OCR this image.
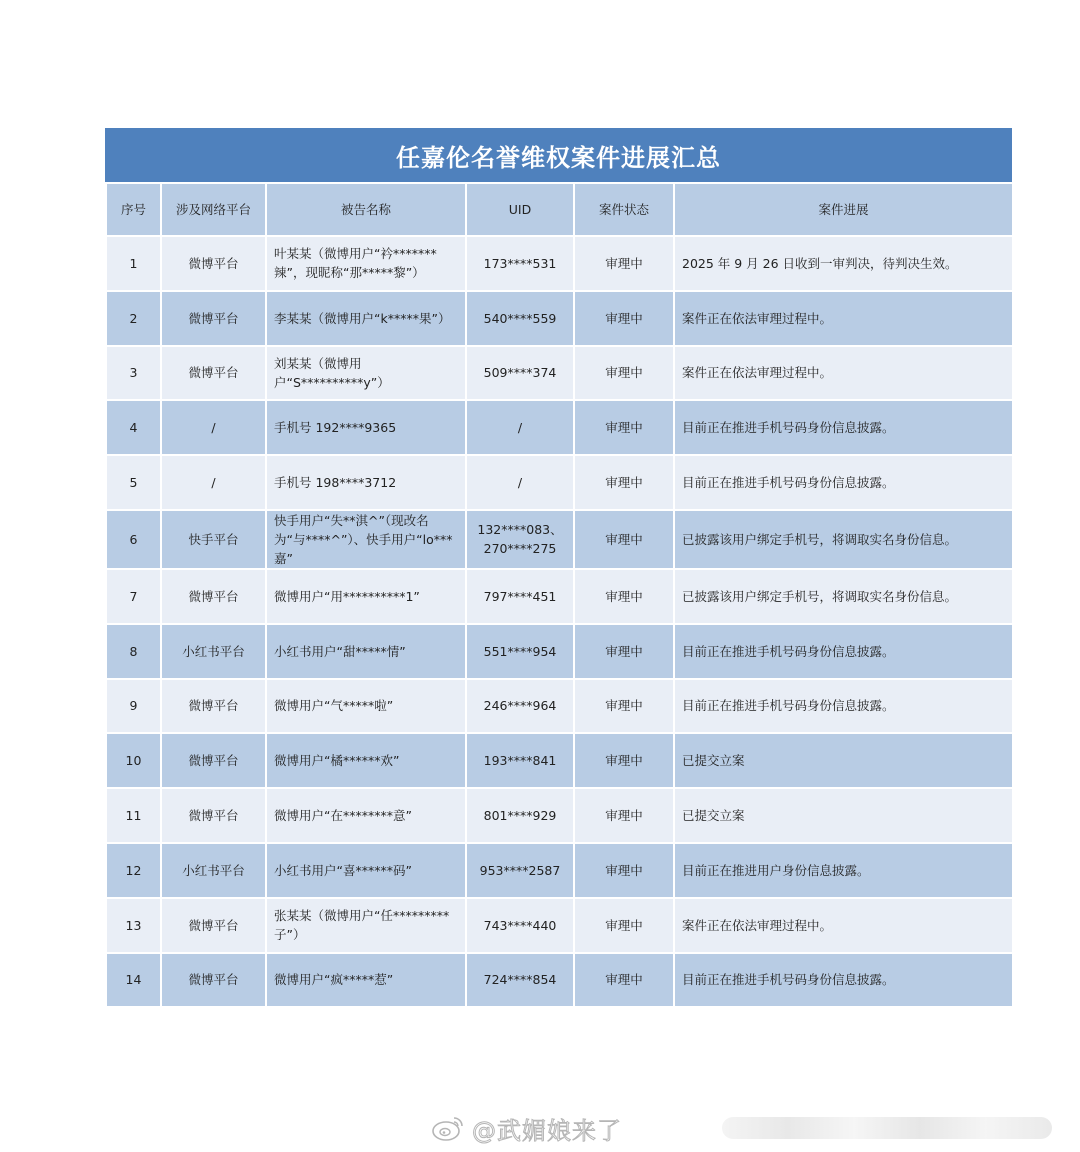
任嘉伦名誉维权案件进展汇总
序号	涉及网络平台	被告名称	UID	案件状态	案件进展
1	微博平台	叶某某（微博用户“衿*******辣”，现昵称“那*****黎”）	173****531	审理中	2025 年 9 月 26 日收到一审判决，待判决生效。
2	微博平台	李某某（微博用户“k*****果”）	540****559	审理中	案件正在依法审理过程中。
3	微博平台	刘某某（微博用户“S**********y”）	509****374	审理中	案件正在依法审理过程中。
4	/	手机号 192****9365	/	审理中	目前正在推进手机号码身份信息披露。
5	/	手机号 198****3712	/	审理中	目前正在推进手机号码身份信息披露。
6	快手平台	快手用户“失**淇^”（现改名为“与****^”）、快手用户“lo***嘉”	132****083、270****275	审理中	已披露该用户绑定手机号，将调取实名身份信息。
7	微博平台	微博用户“用**********1”	797****451	审理中	已披露该用户绑定手机号，将调取实名身份信息。
8	小红书平台	小红书用户“甜*****情”	551****954	审理中	目前正在推进手机号码身份信息披露。
9	微博平台	微博用户“气*****啦”	246****964	审理中	目前正在推进手机号码身份信息披露。
10	微博平台	微博用户“橘******欢”	193****841	审理中	已提交立案
11	微博平台	微博用户“在********意”	801****929	审理中	已提交立案
12	小红书平台	小红书用户“喜******码”	953****2587	审理中	目前正在推进用户身份信息披露。
13	微博平台	张某某（微博用户“任*********子”）	743****440	审理中	案件正在依法审理过程中。
14	微博平台	微博用户“疯*****惹”	724****854	审理中	目前正在推进手机号码身份信息披露。
@武媚娘来了
